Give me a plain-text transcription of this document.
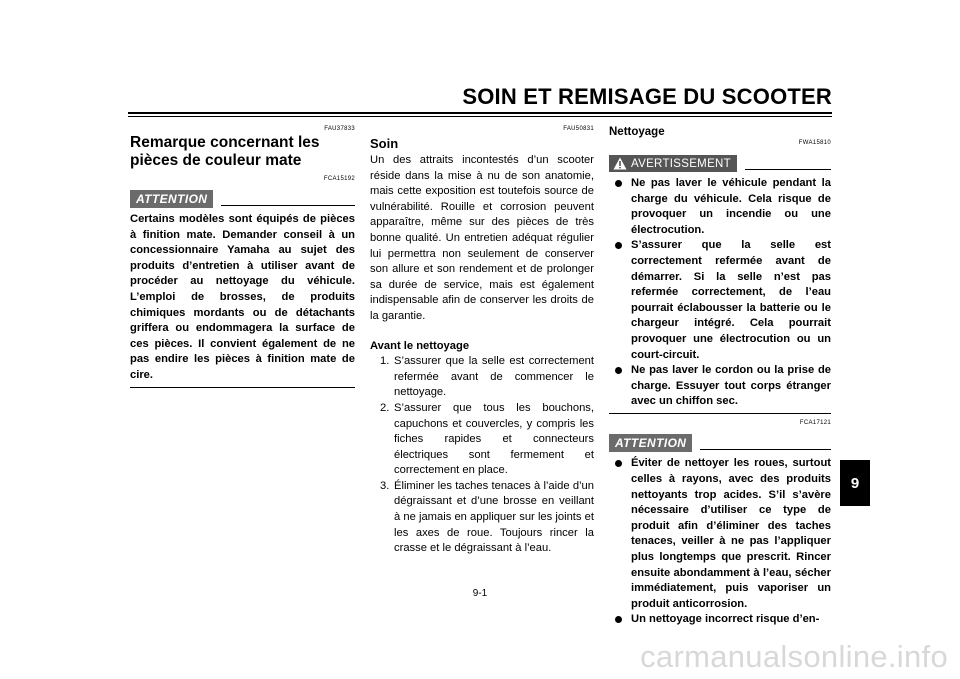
SOIN ET REMISAGE DU SCOOTER
FAU37833
Remarque concernant les pièces de couleur mate
FCA15192
ATTENTION

Certains modèles sont équipés de pièces à finition mate. Demander conseil à un concessionnaire Yamaha au sujet des produits d’entretien à utiliser avant de procéder au nettoyage du véhicule. L’emploi de brosses, de produits chimiques mordants ou de détachants griffera ou endommagera la surface de ces pièces. Il convient également de ne pas endire les pièces à finition mate de cire.

FAU50831
Soin

Un des attraits incontestés d’un scooter réside dans la mise à nu de son anatomie, mais cette exposition est toutefois source de vulnérabilité. Rouille et corrosion peuvent apparaître, même sur des pièces de très bonne qualité. Un entretien adéquat régulier lui permettra non seulement de conserver son allure et son rendement et de prolonger sa durée de service, mais est également indispensable afin de conserver les droits de la garantie.

Avant le nettoyage
1. S’assurer que la selle est correctement refermée avant de commencer le nettoyage.
2. S’assurer que tous les bouchons, capuchons et couvercles, y compris les fiches rapides et connecteurs électriques sont fermement et correctement en place.
3. Éliminer les taches tenaces à l’aide d’un dégraissant et d’une brosse en veillant à ne jamais en appliquer sur les joints et les axes de roue. Toujours rincer la crasse et le dégraissant à l’eau.
Nettoyage
FWA15810
AVERTISSEMENT
Ne pas laver le véhicule pendant la charge du véhicule. Cela risque de provoquer un incendie ou une électrocution.
S’assurer que la selle est correctement refermée avant de démarrer. Si la selle n’est pas refermée correctement, de l’eau pourrait éclabousser la batterie ou le chargeur intégré. Cela pourrait provoquer une électrocution ou un court-circuit.
Ne pas laver le cordon ou la prise de charge. Essuyer tout corps étranger avec un chiffon sec.
FCA17121
ATTENTION
Éviter de nettoyer les roues, surtout celles à rayons, avec des produits nettoyants trop acides. S’il s’avère nécessaire d’utiliser ce type de produit afin d’éliminer des taches tenaces, veiller à ne pas l’appliquer plus longtemps que prescrit. Rincer ensuite abondamment à l’eau, sécher immédiatement, puis vaporiser un produit anticorrosion.
Un nettoyage incorrect risque d’en-
9
9-1
carmanualsonline.info
